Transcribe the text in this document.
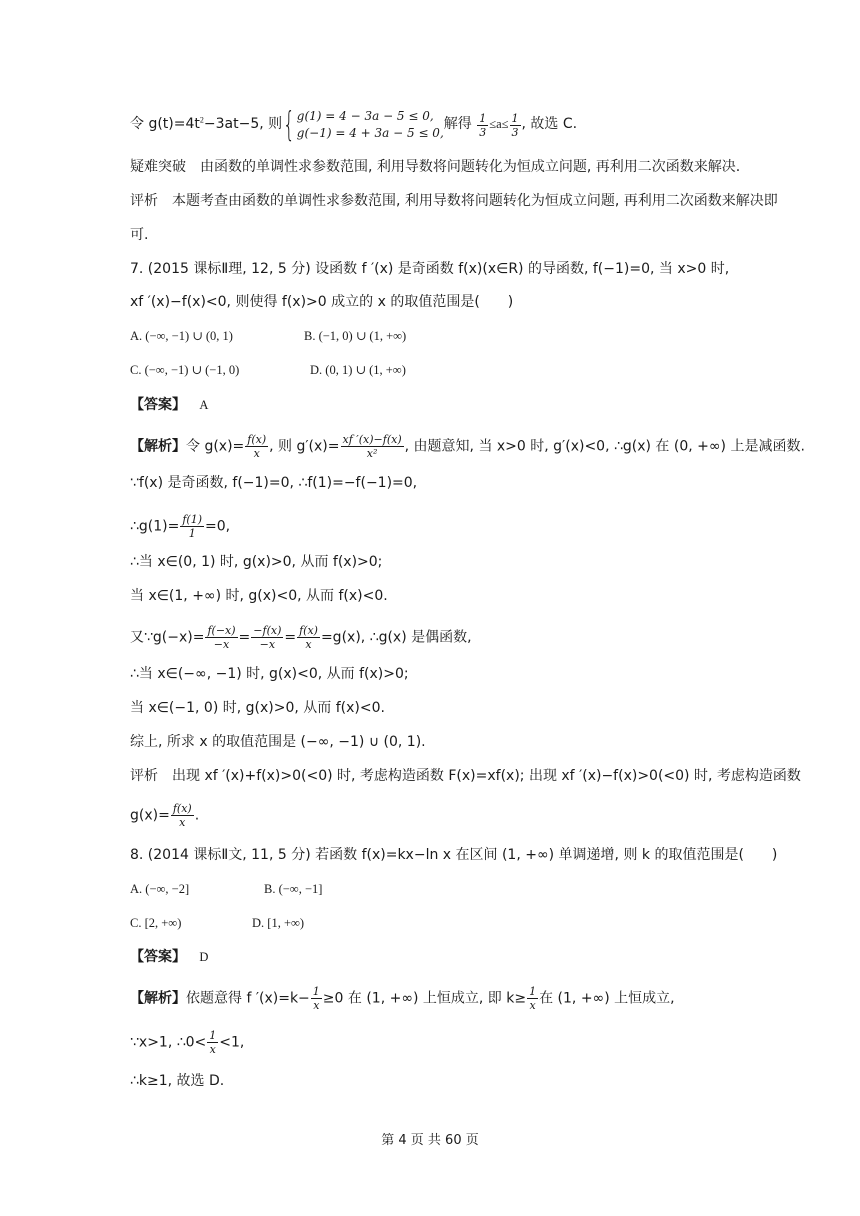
令 $g(t)=4t^2-3at-5$, 则{ g(1) = 4 − 3a − 5 ≤ 0,
g(−1) = 4 + 3a − 5 ≤ 0,
解得 $\frac{1}{3} \le a\le \frac{1}{3}$ , 故选 C.
疑难突破　由函数的单调性求参数范围, 利用导数将问题转化为恒成立问题, 再利用二次函数来解决.
评析　本题考查由函数的单调性求参数范围, 利用导数将问题转化为恒成立问题, 再利用二次函数来解决即
可.
7. (2015 课标Ⅱ理, 12, 5 分) 设函数 f ′(x) 是奇函数 f(x)(x∈R) 的导函数, f(−1)=0, 当 x>0 时,
xf ′(x)−f(x)<0, 则使得 f(x)>0 成立的 x 的取值范围是(　　)
A. (−∞, −1) ∪ (0, 1)	B. (−1, 0) ∪ (1, +∞)
C. (−∞, −1) ∪ (−1, 0)	D. (0, 1) ∪ (1, +∞)
【答案】 A
【解析】令 $g(x)= \frac{f(x)}{x}$ , 则 $g'(x)= \frac{xf '(x)-f(x)}{\text{x²}}$ , 由题意知, 当 x>0 时, g′(x)<0, ∴g(x) 在 (0, +∞) 上是减函数.
∵f(x) 是奇函数, f(−1)=0, ∴f(1)=−f(−1)=0,
∴g(1)= $\frac{f(1)}{1} =0$,
∴当 x∈(0, 1) 时, g(x)>0, 从而 f(x)>0;
当 x∈(1, +∞) 时, g(x)<0, 从而 f(x)<0.
又∵g(−x)= $\frac{f(-x)}{-x} = \frac{-f(x)}{-x} = \frac{f(x)}{x} =g(x)$, ∴g(x) 是偶函数,
∴当 x∈(−∞, −1) 时, g(x)<0, 从而 f(x)>0;
当 x∈(−1, 0) 时, g(x)>0, 从而 f(x)<0.
综上, 所求 x 的取值范围是 (−∞, −1) ∪ (0, 1).
评析　出现 xf ′(x)+f(x)>0(<0) 时, 考虑构造函数 F(x)=xf(x); 出现 xf ′(x)−f(x)>0(<0) 时, 考虑构造函数
$g(x)= \frac{f(x)}{x}$ .
8. (2014 课标Ⅱ文, 11, 5 分) 若函数 f(x)=kx−ln x 在区间 (1, +∞) 单调递增, 则 k 的取值范围是(　　)
A. (−∞, −2]	B. (−∞, −1]
C. [2, +∞)	D. [1, +∞)
【答案】 D
【解析】依题意得 f $'(x)=k- \frac{1}{x} \ge 0$ 在 (1, +∞) 上恒成立, 即 $k\ge \frac{1}{x}$ 在 (1, +∞) 上恒成立,
∵x>1, ∴0< $\frac{1}{x} <1$,
∴k≥1, 故选 D.
第 4 页 共 60 页
